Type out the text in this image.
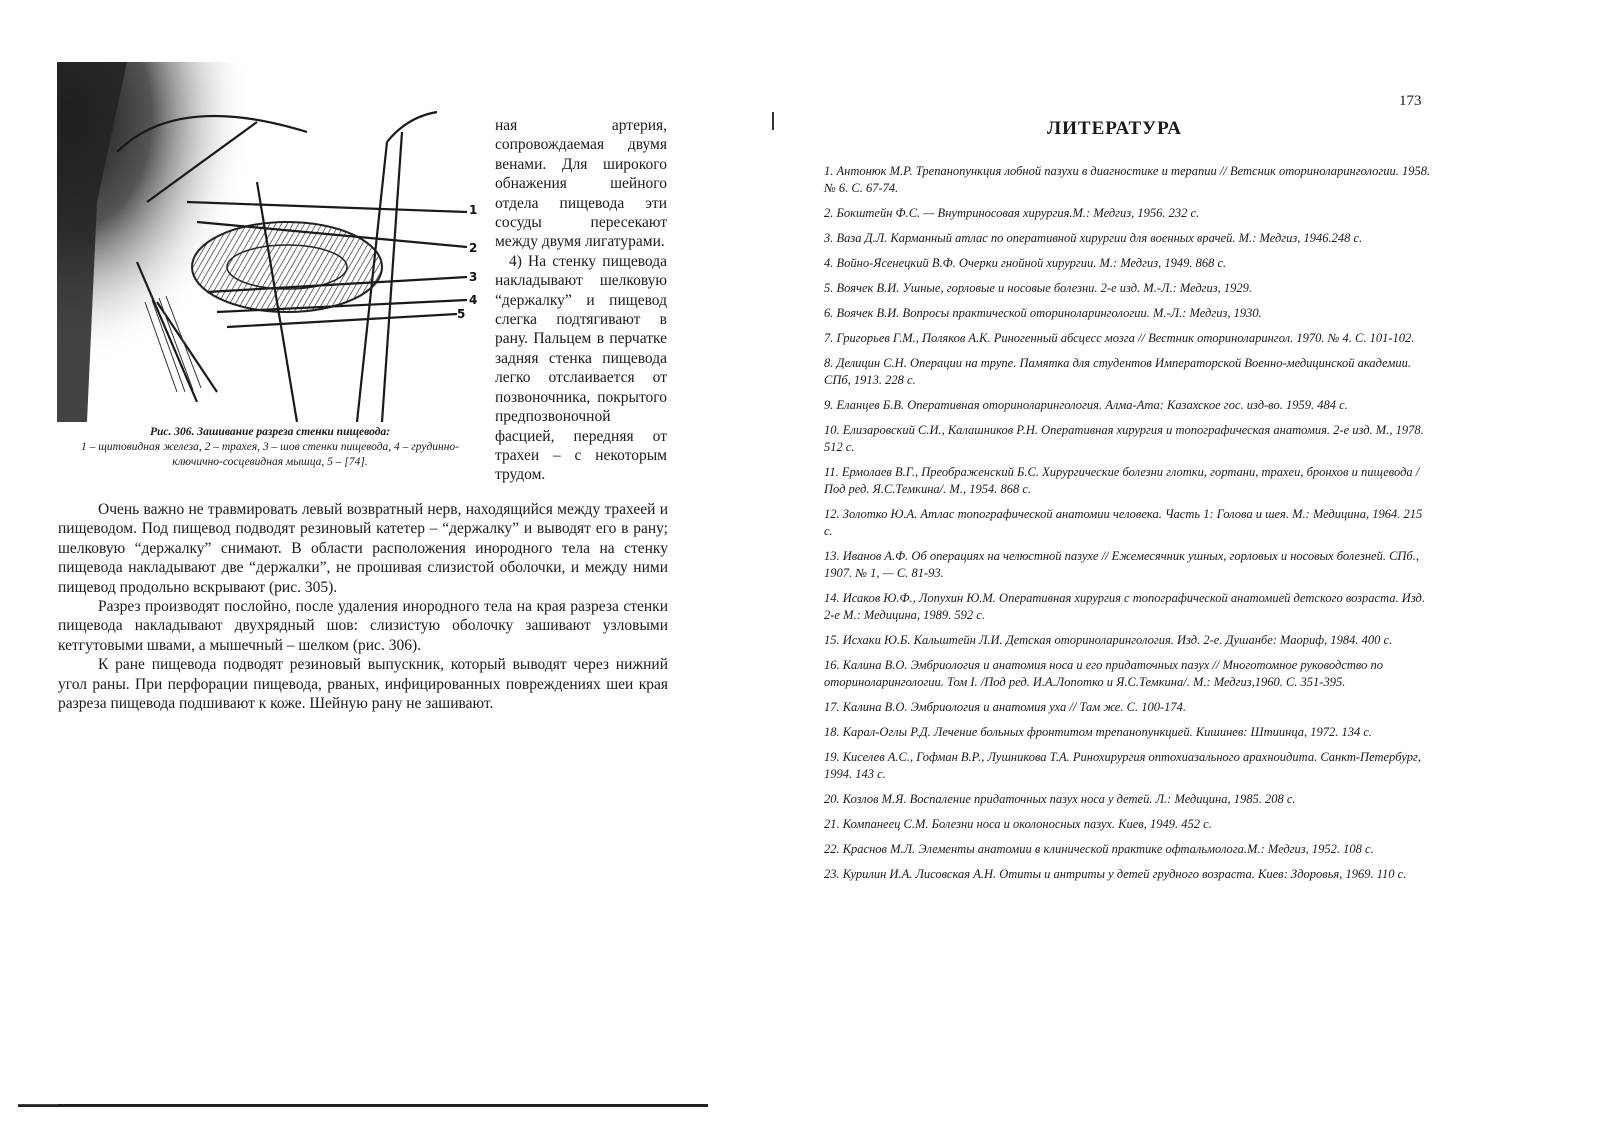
1
2
3
4
5
Рис. 306. Зашивание разреза стенки пищевода:
1 – щитовидная железа, 2 – трахея, 3 – шов стенки пищевода, 4 – грудинно-ключично-сосцевидная мышца, 5 – [74].

ная артерия, сопровождаемая двумя венами. Для широкого обнажения шейного отдела пищевода эти сосуды пересекают между двумя лигатурами.

4) На стенку пищевода накладывают шелковую “держалку” и пищевод слегка подтягивают в рану. Пальцем в перчатке задняя стенка пищевода легко отслаивается от позвоночника, покрытого предпозвоночной фасцией, передняя от трахеи – с некоторым трудом.

Очень важно не травмировать левый возвратный нерв, находящийся между трахеей и пищеводом. Под пищевод подводят резиновый катетер – “держалку” и выводят его в рану; шелковую “держалку” снимают. В области расположения инородного тела на стенку пищевода накладывают две “держалки”, не прошивая слизистой оболочки, и между ними пищевод продольно вскрывают (рис. 305).

Разрез производят послойно, после удаления инородного тела на края разреза стенки пищевода накладывают двухрядный шов: слизистую оболочку зашивают узловыми кетгутовыми швами, а мышечный – шелком (рис. 306).

К ране пищевода подводят резиновый выпускник, который выводят через нижний угол раны. При перфорации пищевода, рваных, инфицированных повреждениях шеи края разреза пищевода подшивают к коже. Шейную рану не зашивают.

173
ЛИТЕРАТУРА
1. Антонюк М.Р. Трепанопункция лобной пазухи в диагностике и терапии // Ветсник оториноларингологии. 1958. № 6. С. 67-74.
2. Бокштейн Ф.С. — Внутриносовая хирургия.М.: Медгиз, 1956. 232 с.
3. Ваза Д.Л. Карманный атлас по оперативной хирургии для военных врачей. М.: Медгиз, 1946.248 с.
4. Войно-Ясенецкий В.Ф. Очерки гнойной хирургии. М.: Медгиз, 1949. 868 с.
5. Воячек В.И. Ушные, горловые и носовые болезни. 2-е изд. М.-Л.: Медгиз, 1929.
6. Воячек В.И. Вопросы практической оториноларингологии. М.-Л.: Медгиз, 1930.
7. Григорьев Г.М., Поляков А.К. Риногенный абсцесс мозга // Вестник оториноларингол. 1970. № 4. С. 101-102.
8. Делицин С.Н. Операции на трупе. Памятка для студентов Императорской Военно-медицинской академии. СПб, 1913. 228 с.
9. Еланцев Б.В. Оперативная оториноларингология. Алма-Ата: Казахское гос. изд-во. 1959. 484 с.
10. Елизаровский С.И., Калашников Р.Н. Оперативная хирургия и топографическая анатомия. 2-е изд. М., 1978. 512 с.
11. Ермолаев В.Г., Преображенский Б.С. Хирургические болезни глотки, гортани, трахеи, бронхов и пищевода / Под ред. Я.С.Темкина/. М., 1954. 868 с.
12. Золотко Ю.А. Атлас топографической анатомии человека. Часть 1: Голова и шея. М.: Медицина, 1964. 215 с.
13. Иванов А.Ф. Об операциях на челюстной пазухе // Ежемесячник ушных, горловых и носовых болезней. СПб., 1907. № 1, — С. 81-93.
14. Исаков Ю.Ф., Лопухин Ю.М. Оперативная хирургия с топографической анатомией детского возраста. Изд. 2-е М.: Медицина, 1989. 592 с.
15. Исхаки Ю.Б. Кальштейн Л.И. Детская оториноларингология. Изд. 2-е. Душанбе: Маориф, 1984. 400 с.
16. Калина В.О. Эмбриология и анатомия носа и его придаточных пазух // Многотомное руководство по оториноларингологии. Том I. /Под ред. И.А.Лопотко и Я.С.Темкина/. М.: Медгиз,1960. С. 351-395.
17. Калина В.О. Эмбриология и анатомия уха // Там же. С. 100-174.
18. Карал-Оглы Р.Д. Лечение больных фронтитом трепанопункцией. Кишинев: Штиинца, 1972. 134 с.
19. Киселев А.С., Гофман В.Р., Лушникова Т.А. Ринохирургия оптохиазального арахноидита. Санкт-Петербург, 1994. 143 с.
20. Козлов М.Я. Воспаление придаточных пазух носа у детей. Л.: Медицина, 1985. 208 с.
21. Компанеец С.М. Болезни носа и околоносных пазух. Киев, 1949. 452 с.
22. Краснов М.Л. Элементы анатомии в клинической практике офтальмолога.М.: Медгиз, 1952. 108 с.
23. Курилин И.А. Лисовская А.Н. Отиты и антриты у детей грудного возраста. Киев: Здоровья, 1969. 110 с.
